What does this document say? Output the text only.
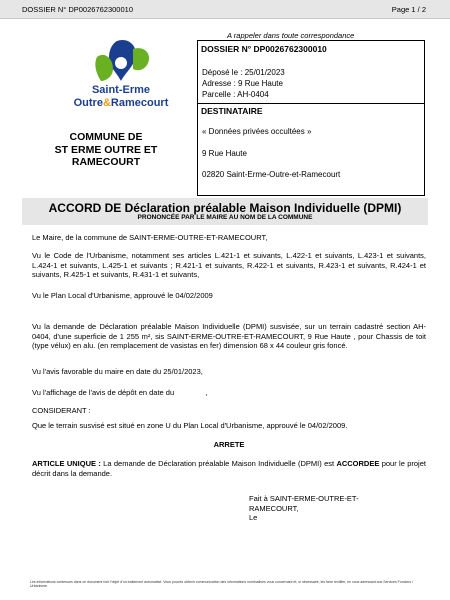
DOSSIER N° DP0026762300010	Page 1 / 2
A rappeler dans toute correspondance
Saint-Erme
Outre&Ramecourt
COMMUNE DE
ST ERME OUTRE ET
RAMECOURT
DOSSIER N° DP0026762300010
Déposé le : 25/01/2023
Adresse : 9 Rue Haute
Parcelle : AH-0404
DESTINATAIRE
« Données privées occultées »
9 Rue Haute
02820 Saint-Erme-Outre-et-Ramecourt
ACCORD DE Déclaration préalable Maison Individuelle (DPMI)
PRONONCÉE PAR LE MAIRE AU NOM DE LA COMMUNE
Le Maire, de la commune de SAINT-ERME-OUTRE-ET-RAMECOURT,
Vu le Code de l'Urbanisme, notamment ses articles L.421-1 et suivants, L.422-1 et suivants, L.423-1 et suivants, L.424-1 et suivants, L.425-1 et suivants ; R.421-1 et suivants, R.422-1 et suivants, R.423-1 et suivants, R.424-1 et suivants, R.425-1 et suivants, R.431-1 et suivants,
Vu le Plan Local d'Urbanisme, approuvé le 04/02/2009
Vu la demande de Déclaration préalable Maison Individuelle (DPMI) susvisée, sur un terrain cadastré section AH-0404, d'une superficie de 1 255 m², sis SAINT-ERME-OUTRE-ET-RAMECOURT, 9 Rue Haute , pour Chassis de toit (type vélux) en alu. (en remplacement de vasistas en fer) dimension 68 x 44 couleur gris foncé.
Vu l'avis favorable du maire en date du 25/01/2023,
Vu l'affichage de l'avis de dépôt en date du               ,
CONSIDERANT :
Que le terrain susvisé est situé en zone U du Plan Local d'Urbanisme, approuvé le 04/02/2009.
ARRETE
ARTICLE UNIQUE : La demande de Déclaration préalable Maison Individuelle (DPMI) est ACCORDEE pour le projet décrit dans la demande.
Fait à SAINT-ERME-OUTRE-ET-
RAMECOURT,
Le
Les informations contenues dans ce document font l'objet d'un traitement automatisé. Vous pouvez obtenir communication des informations nominatives vous concernant et, si nécessaire, les faire rectifier, en vous adressant aux Services Fonciers / Urbanisme.
